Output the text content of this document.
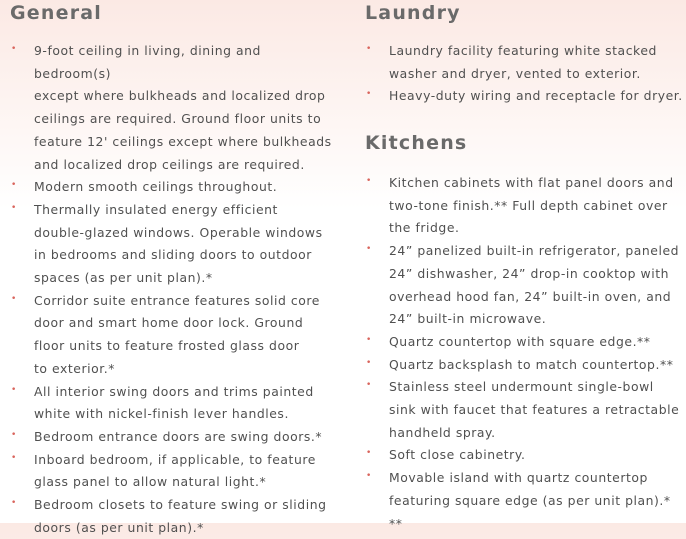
General
• 9-foot ceiling in living, dining and bedroom(s)
except where bulkheads and localized drop
ceilings are required. Ground floor units to
feature 12' ceilings except where bulkheads
and localized drop ceilings are required.
• Modern smooth ceilings throughout.
• Thermally insulated energy efficient
double-glazed windows. Operable windows
in bedrooms and sliding doors to outdoor
spaces (as per unit plan).*
• Corridor suite entrance features solid core
door and smart home door lock. Ground
floor units to feature frosted glass door
to exterior.*
• All interior swing doors and trims painted
white with nickel-finish lever handles.
• Bedroom entrance doors are swing doors.*
• Inboard bedroom, if applicable, to feature
glass panel to allow natural light.*
• Bedroom closets to feature swing or sliding
doors (as per unit plan).*
Laundry
• Laundry facility featuring white stacked
washer and dryer, vented to exterior.
• Heavy-duty wiring and receptacle for dryer.
Kitchens
• Kitchen cabinets with flat panel doors and
two-tone finish.** Full depth cabinet over
the fridge.
• 24” panelized built-in refrigerator, paneled
24” dishwasher, 24” drop-in cooktop with
overhead hood fan, 24” built-in oven, and
24” built-in microwave.
• Quartz countertop with square edge.**
• Quartz backsplash to match countertop.**
• Stainless steel undermount single-bowl
sink with faucet that features a retractable
handheld spray.
• Soft close cabinetry.
• Movable island with quartz countertop
featuring square edge (as per unit plan).* **
